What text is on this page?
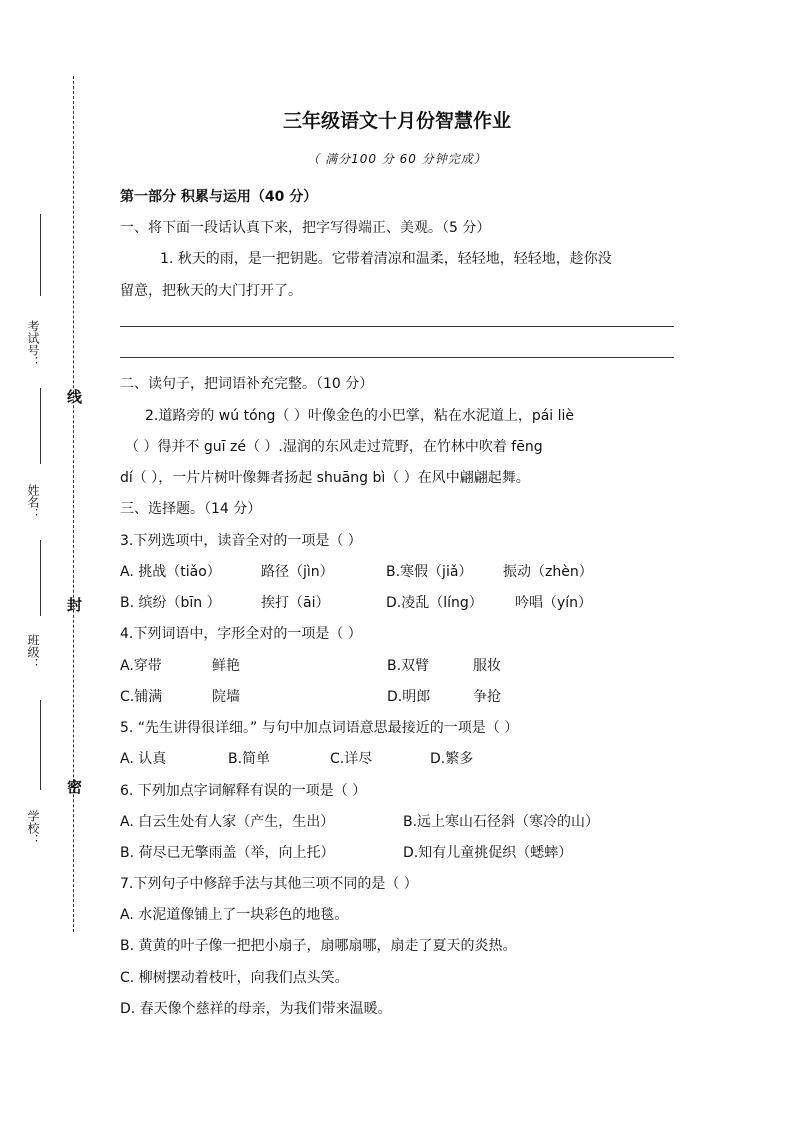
考试号：
姓名：
班级：
学校：
线
封
密
三年级语文十月份智慧作业
（ 满分100 分 60 分钟完成）
第一部分 积累与运用（40 分）
一、将下面一段话认真下来，把字写得端正、美观。（5 分）
1. 秋天的雨，是一把钥匙。它带着清凉和温柔，轻轻地，轻轻地，趁你没
留意，把秋天的大门打开了。
二、读句子，把词语补充完整。（10 分）
2.道路旁的 wú tóng（ ）叶像金色的小巴掌，粘在水泥道上，pái liè
（ ）得并不 guī zé（ ）.湿润的东风走过荒野，在竹林中吹着 fēng
dí（ ），一片片树叶像舞者扬起 shuāng bì（ ）在风中翩翩起舞。
三、选择题。（14 分）
3.下列选项中，读音全对的一项是（ ）
A. 挑战（tiǎo）	路径（jìn）	B.寒假（jiǎ） 振动（zhèn）
B. 缤纷（bīn ）	挨打（āi）	D.凌乱（líng） 吟唱（yín）
4.下列词语中，字形全对的一项是（ ）
A.穿带	鲜艳	B.双臂	服妆
C.铺满	院墙	D.明郎	争抢
5. “先生讲得很详细。” 与句中加点词语意思最接近的一项是（ ）
A. 认真	B.简单	C.详尽	D.繁多
6. 下列加点字词解释有误的一项是（ ）
A. 白云生处有人家（产生，生出）	B.远上寒山石径斜（寒冷的山）
B. 荷尽已无擎雨盖（举，向上托）	D.知有儿童挑促织（蟋蟀）
7.下列句子中修辞手法与其他三项不同的是（ ）
A. 水泥道像铺上了一块彩色的地毯。
B. 黄黄的叶子像一把把小扇子，扇哪扇哪，扇走了夏天的炎热。
C. 柳树摆动着枝叶，向我们点头笑。
D. 春天像个慈祥的母亲，为我们带来温暖。
